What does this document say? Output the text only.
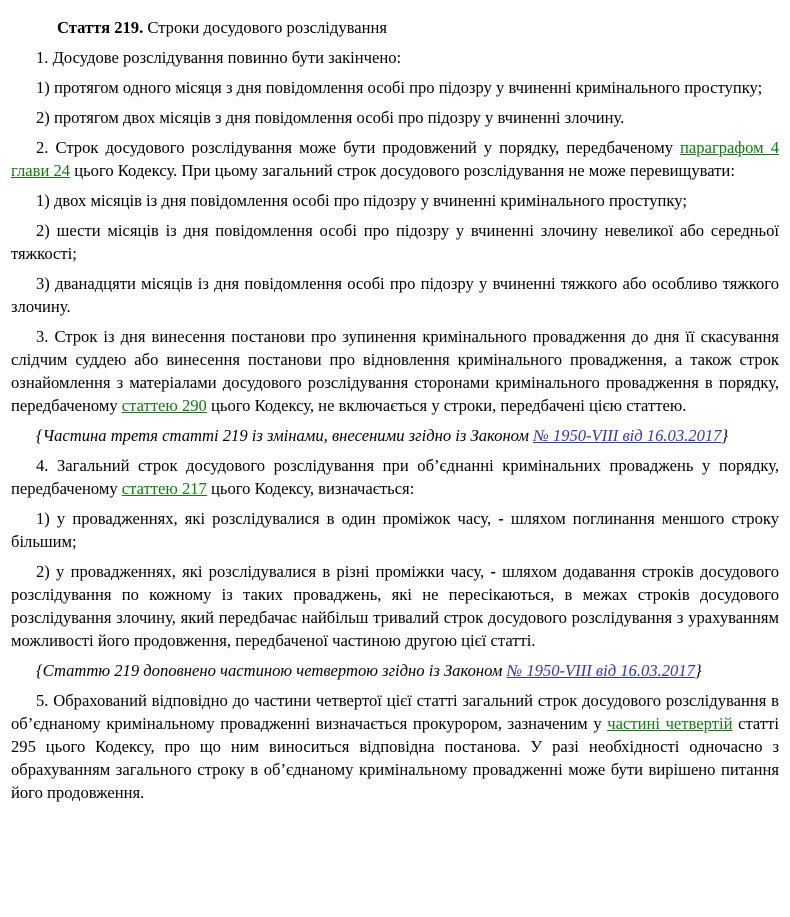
Стаття 219. Строки досудового розслідування

1. Досудове розслідування повинно бути закінчено:

1) протягом одного місяця з дня повідомлення особі про підозру у вчиненні кримінального проступку;

2) протягом двох місяців з дня повідомлення особі про підозру у вчиненні злочину.

2. Строк досудового розслідування може бути продовжений у порядку, передбаченому параграфом 4 глави 24 цього Кодексу. При цьому загальний строк досудового розслідування не може перевищувати:

1) двох місяців із дня повідомлення особі про підозру у вчиненні кримінального проступку;

2) шести місяців із дня повідомлення особі про підозру у вчиненні злочину невеликої або середньої тяжкості;

3) дванадцяти місяців із дня повідомлення особі про підозру у вчиненні тяжкого або особливо тяжкого злочину.

3. Строк із дня винесення постанови про зупинення кримінального провадження до дня її скасування слідчим суддею або винесення постанови про відновлення кримінального провадження, а також строк ознайомлення з матеріалами досудового розслідування сторонами кримінального провадження в порядку, передбаченому статтею 290 цього Кодексу, не включається у строки, передбачені цією статтею.

{Частина третя статті 219 із змінами, внесеними згідно із Законом № 1950-VIII від 16.03.2017}

4. Загальний строк досудового розслідування при об’єднанні кримінальних проваджень у порядку, передбаченому статтею 217 цього Кодексу, визначається:

1) у провадженнях, які розслідувалися в один проміжок часу, - шляхом поглинання меншого строку більшим;

2) у провадженнях, які розслідувалися в різні проміжки часу, - шляхом додавання строків досудового розслідування по кожному із таких проваджень, які не пересікаються, в межах строків досудового розслідування злочину, який передбачає найбільш тривалий строк досудового розслідування з урахуванням можливості його продовження, передбаченої частиною другою цієї статті.

{Статтю 219 доповнено частиною четвертою згідно із Законом № 1950-VIII від 16.03.2017}

5. Обрахований відповідно до частини четвертої цієї статті загальний строк досудового розслідування в об’єднаному кримінальному провадженні визначається прокурором, зазначеним у частині четвертій статті 295 цього Кодексу, про що ним виноситься відповідна постанова. У разі необхідності одночасно з обрахуванням загального строку в об’єднаному кримінальному провадженні може бути вирішено питання його продовження.
